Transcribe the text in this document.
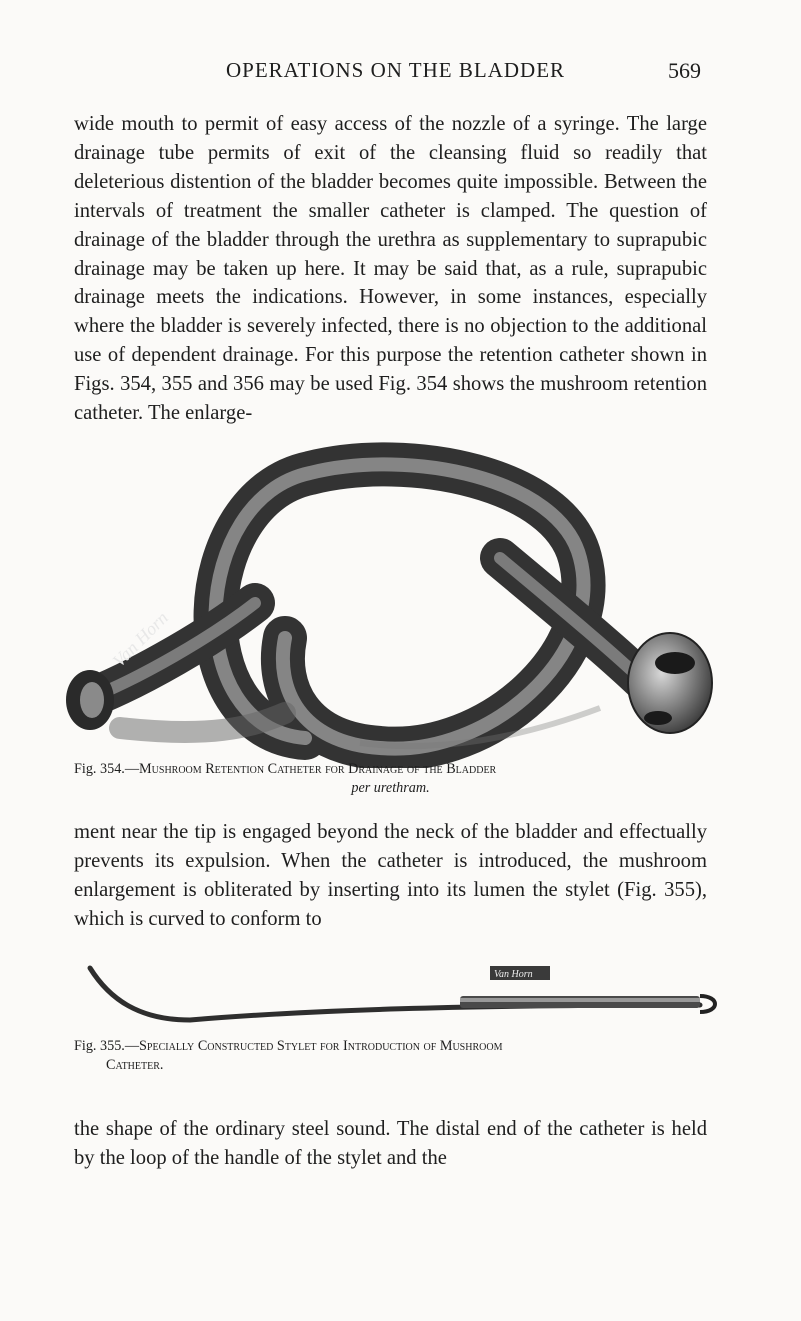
OPERATIONS ON THE BLADDER	569

wide mouth to permit of easy access of the nozzle of a syringe. The large drainage tube permits of exit of the cleansing fluid so readily that deleterious distention of the bladder becomes quite impossible. Between the intervals of treatment the smaller catheter is clamped. The question of drainage of the bladder through the urethra as supplementary to suprapubic drainage may be taken up here. It may be said that, as a rule, suprapubic drainage meets the indications. However, in some instances, especially where the bladder is severely infected, there is no objection to the additional use of dependent drainage. For this purpose the retention catheter shown in Figs. 354, 355 and 356 may be used Fig. 354 shows the mushroom retention catheter. The enlarge-

Van Horn

Fig. 354.—Mushroom Retention Catheter for Drainage of the Bladder
per urethram.

ment near the tip is engaged beyond the neck of the bladder and effectually prevents its expulsion. When the catheter is introduced, the mushroom enlargement is obliterated by inserting into its lumen the stylet (Fig. 355), which is curved to conform to

Van Horn

Fig. 355.—Specially Constructed Stylet for Introduction of Mushroom
Catheter.

the shape of the ordinary steel sound. The distal end of the catheter is held by the loop of the handle of the stylet and the
